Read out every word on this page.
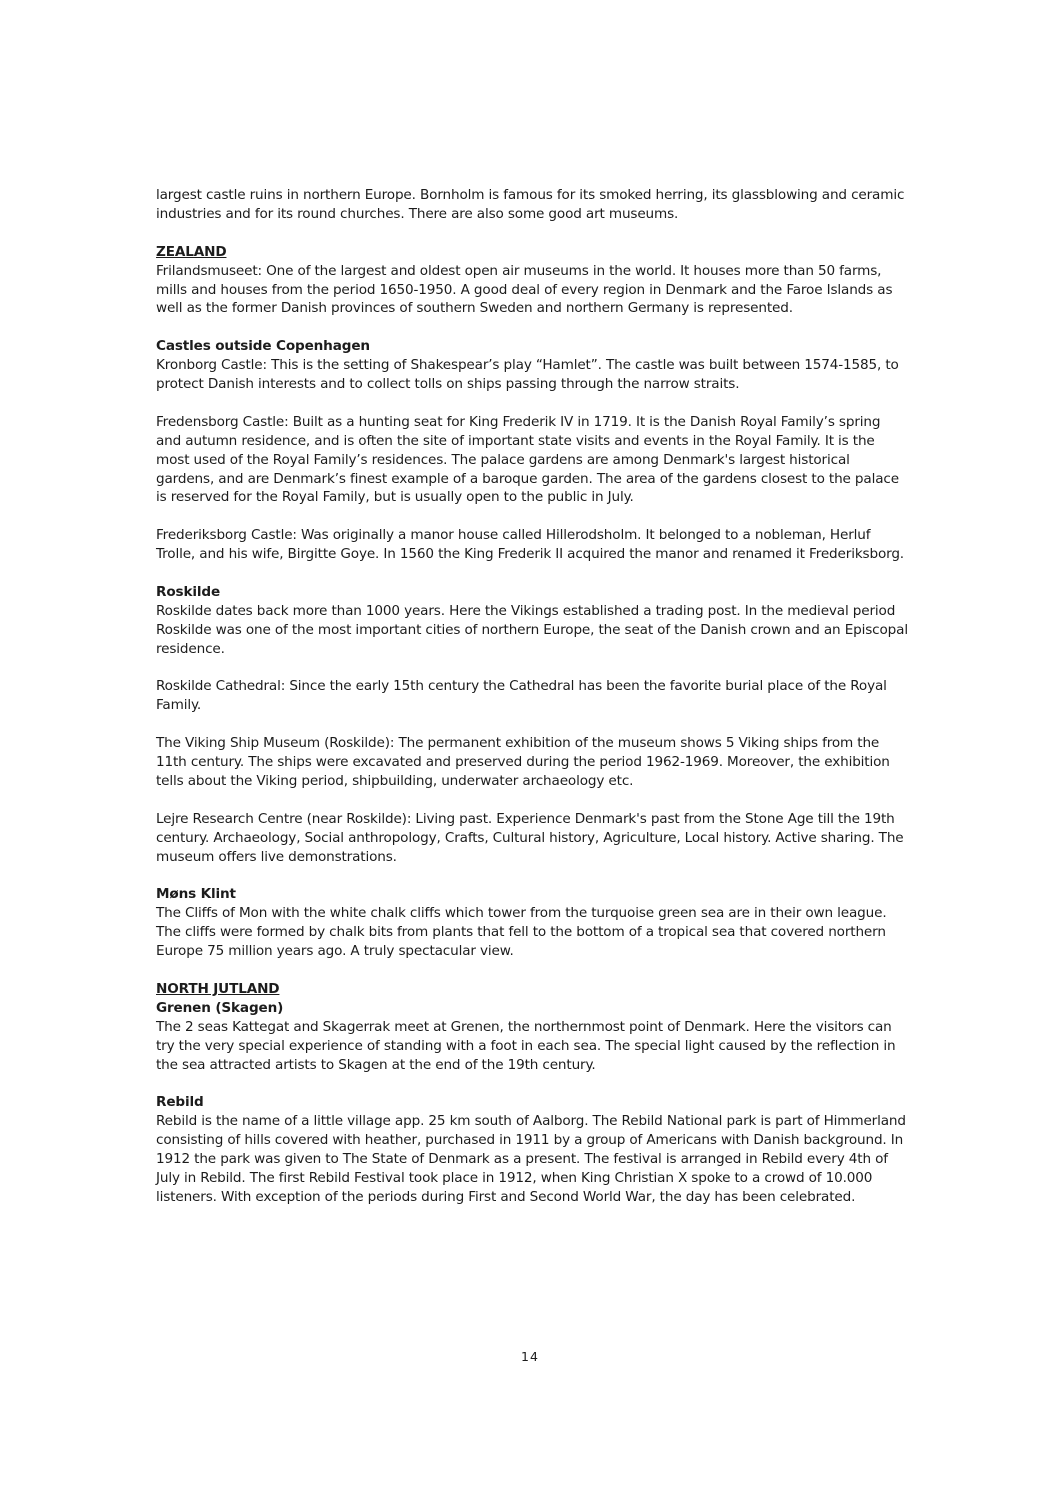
largest castle ruins in northern Europe. Bornholm is famous for its smoked herring, its glassblowing and ceramic industries and for its round churches. There are also some good art museums.

ZEALAND

Frilandsmuseet: One of the largest and oldest open air museums in the world. It houses more than 50 farms, mills and houses from the period 1650-1950. A good deal of every region in Denmark and the Faroe Islands as well as the former Danish provinces of southern Sweden and northern Germany is represented.

Castles outside Copenhagen

Kronborg Castle: This is the setting of Shakespear’s play “Hamlet”. The castle was built between 1574-1585, to protect Danish interests and to collect tolls on ships passing through the narrow straits.

Fredensborg Castle: Built as a hunting seat for King Frederik IV in 1719. It is the Danish Royal Family’s spring and autumn residence, and is often the site of important state visits and events in the Royal Family. It is the most used of the Royal Family’s residences. The palace gardens are among Denmark's largest historical gardens, and are Denmark’s finest example of a baroque garden. The area of the gardens closest to the palace is reserved for the Royal Family, but is usually open to the public in July.

Frederiksborg Castle: Was originally a manor house called Hillerodsholm. It belonged to a nobleman, Herluf Trolle, and his wife, Birgitte Goye. In 1560 the King Frederik II acquired the manor and renamed it Frederiksborg.

Roskilde

Roskilde dates back more than 1000 years. Here the Vikings established a trading post. In the medieval period Roskilde was one of the most important cities of northern Europe, the seat of the Danish crown and an Episcopal residence.

Roskilde Cathedral: Since the early 15th century the Cathedral has been the favorite burial place of the Royal Family.

The Viking Ship Museum (Roskilde): The permanent exhibition of the museum shows 5 Viking ships from the 11th century. The ships were excavated and preserved during the period 1962-1969. Moreover, the exhibition tells about the Viking period, shipbuilding, underwater archaeology etc.

Lejre Research Centre (near Roskilde): Living past. Experience Denmark's past from the Stone Age till the 19th century. Archaeology, Social anthropology, Crafts, Cultural history, Agriculture, Local history. Active sharing. The museum offers live demonstrations.

Møns Klint

The Cliffs of Mon with the white chalk cliffs which tower from the turquoise green sea are in their own league. The cliffs were formed by chalk bits from plants that fell to the bottom of a tropical sea that covered northern Europe 75 million years ago. A truly spectacular view.

NORTH JUTLAND

Grenen (Skagen)

The 2 seas Kattegat and Skagerrak meet at Grenen, the northernmost point of Denmark. Here the visitors can try the very special experience of standing with a foot in each sea. The special light caused by the reflection in the sea attracted artists to Skagen at the end of the 19th century.

Rebild

Rebild is the name of a little village app. 25 km south of Aalborg. The Rebild National park is part of Himmerland consisting of hills covered with heather, purchased in 1911 by a group of Americans with Danish background. In 1912 the park was given to The State of Denmark as a present. The festival is arranged in Rebild every 4th of July in Rebild. The first Rebild Festival took place in 1912, when King Christian X spoke to a crowd of 10.000 listeners. With exception of the periods during First and Second World War, the day has been celebrated.

14
